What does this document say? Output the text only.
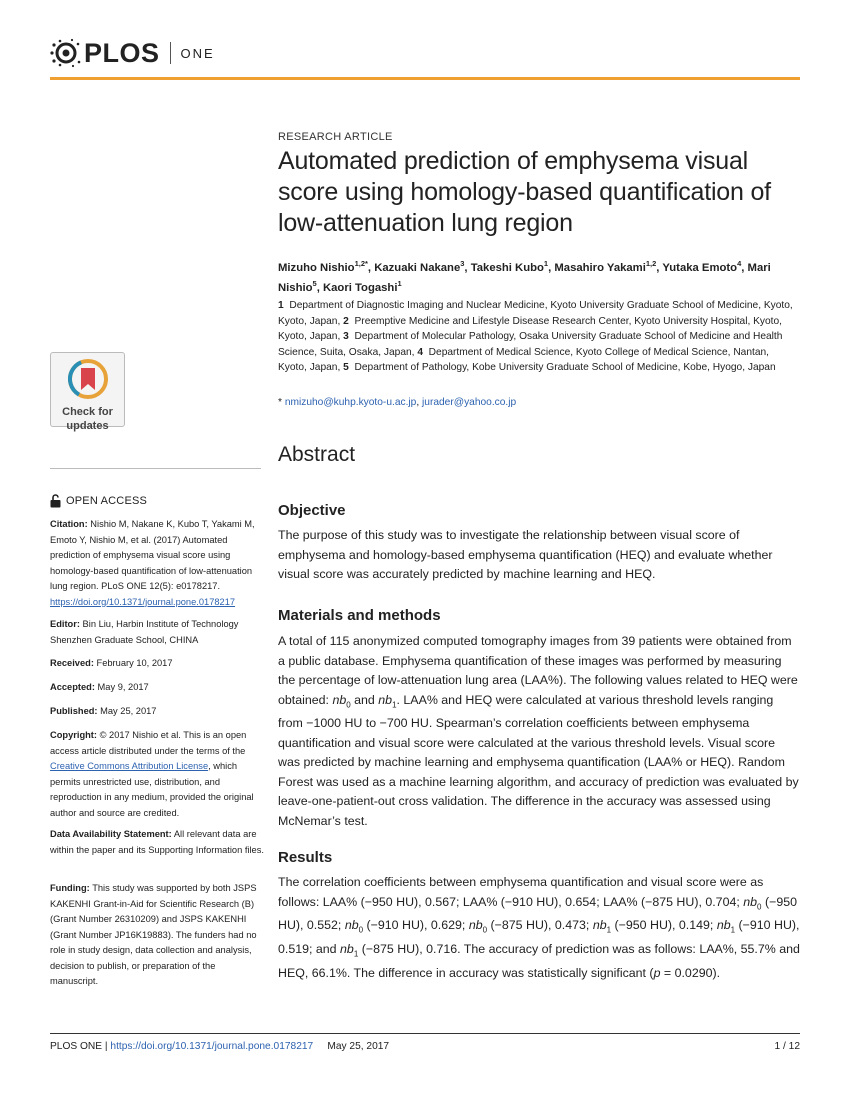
PLOS ONE
Check for
updates
OPEN ACCESS
Citation: Nishio M, Nakane K, Kubo T, Yakami M, Emoto Y, Nishio M, et al. (2017) Automated prediction of emphysema visual score using homology-based quantification of low-attenuation lung region. PLoS ONE 12(5): e0178217. https://doi.org/10.1371/journal.pone.0178217
Editor: Bin Liu, Harbin Institute of Technology Shenzhen Graduate School, CHINA
Received: February 10, 2017
Accepted: May 9, 2017
Published: May 25, 2017
Copyright: © 2017 Nishio et al. This is an open access article distributed under the terms of the Creative Commons Attribution License, which permits unrestricted use, distribution, and reproduction in any medium, provided the original author and source are credited.
Data Availability Statement: All relevant data are within the paper and its Supporting Information files.
Funding: This study was supported by both JSPS KAKENHI Grant-in-Aid for Scientific Research (B) (Grant Number 26310209) and JSPS KAKENHI (Grant Number JP16K19883). The funders had no role in study design, data collection and analysis, decision to publish, or preparation of the manuscript.
RESEARCH ARTICLE
Automated prediction of emphysema visual score using homology-based quantification of low-attenuation lung region
Mizuho Nishio$^{1,2*}$, Kazuaki Nakane$^3$, Takeshi Kubo$^1$, Masahiro Yakami$^{1,2}$, Yutaka Emoto$^4$, Mari Nishio$^5$, Kaori Togashi$^1$
1 Department of Diagnostic Imaging and Nuclear Medicine, Kyoto University Graduate School of Medicine, Kyoto, Kyoto, Japan, 2 Preemptive Medicine and Lifestyle Disease Research Center, Kyoto University Hospital, Kyoto, Kyoto, Japan, 3 Department of Molecular Pathology, Osaka University Graduate School of Medicine and Health Science, Suita, Osaka, Japan, 4 Department of Medical Science, Kyoto College of Medical Science, Nantan, Kyoto, Japan, 5 Department of Pathology, Kobe University Graduate School of Medicine, Kobe, Hyogo, Japan
* nmizuho@kuhp.kyoto-u.ac.jp, jurader@yahoo.co.jp
Abstract
Objective
The purpose of this study was to investigate the relationship between visual score of emphysema and homology-based emphysema quantification (HEQ) and evaluate whether visual score was accurately predicted by machine learning and HEQ.
Materials and methods
A total of 115 anonymized computed tomography images from 39 patients were obtained from a public database. Emphysema quantification of these images was performed by measuring the percentage of low-attenuation lung area (LAA%). The following values related to HEQ were obtained: $nb_0$ and $nb_1$. LAA% and HEQ were calculated at various threshold levels ranging from −1000 HU to −700 HU. Spearman’s correlation coefficients between emphysema quantification and visual score were calculated at the various threshold levels. Visual score was predicted by machine learning and emphysema quantification (LAA% or HEQ). Random Forest was used as a machine learning algorithm, and accuracy of prediction was evaluated by leave-one-patient-out cross validation. The difference in the accuracy was assessed using McNemar’s test.
Results
The correlation coefficients between emphysema quantification and visual score were as follows: LAA% (−950 HU), 0.567; LAA% (−910 HU), 0.654; LAA% (−875 HU), 0.704; $nb_0$ (−950 HU), 0.552; $nb_0$ (−910 HU), 0.629; $nb_0$ (−875 HU), 0.473; $nb_1$ (−950 HU), 0.149; $nb_1$ (−910 HU), 0.519; and $nb_1$ (−875 HU), 0.716. The accuracy of prediction was as follows: LAA%, 55.7% and HEQ, 66.1%. The difference in accuracy was statistically significant (p = 0.0290).
PLOS ONE | https://doi.org/10.1371/journal.pone.0178217 May 25, 2017	1 / 12
